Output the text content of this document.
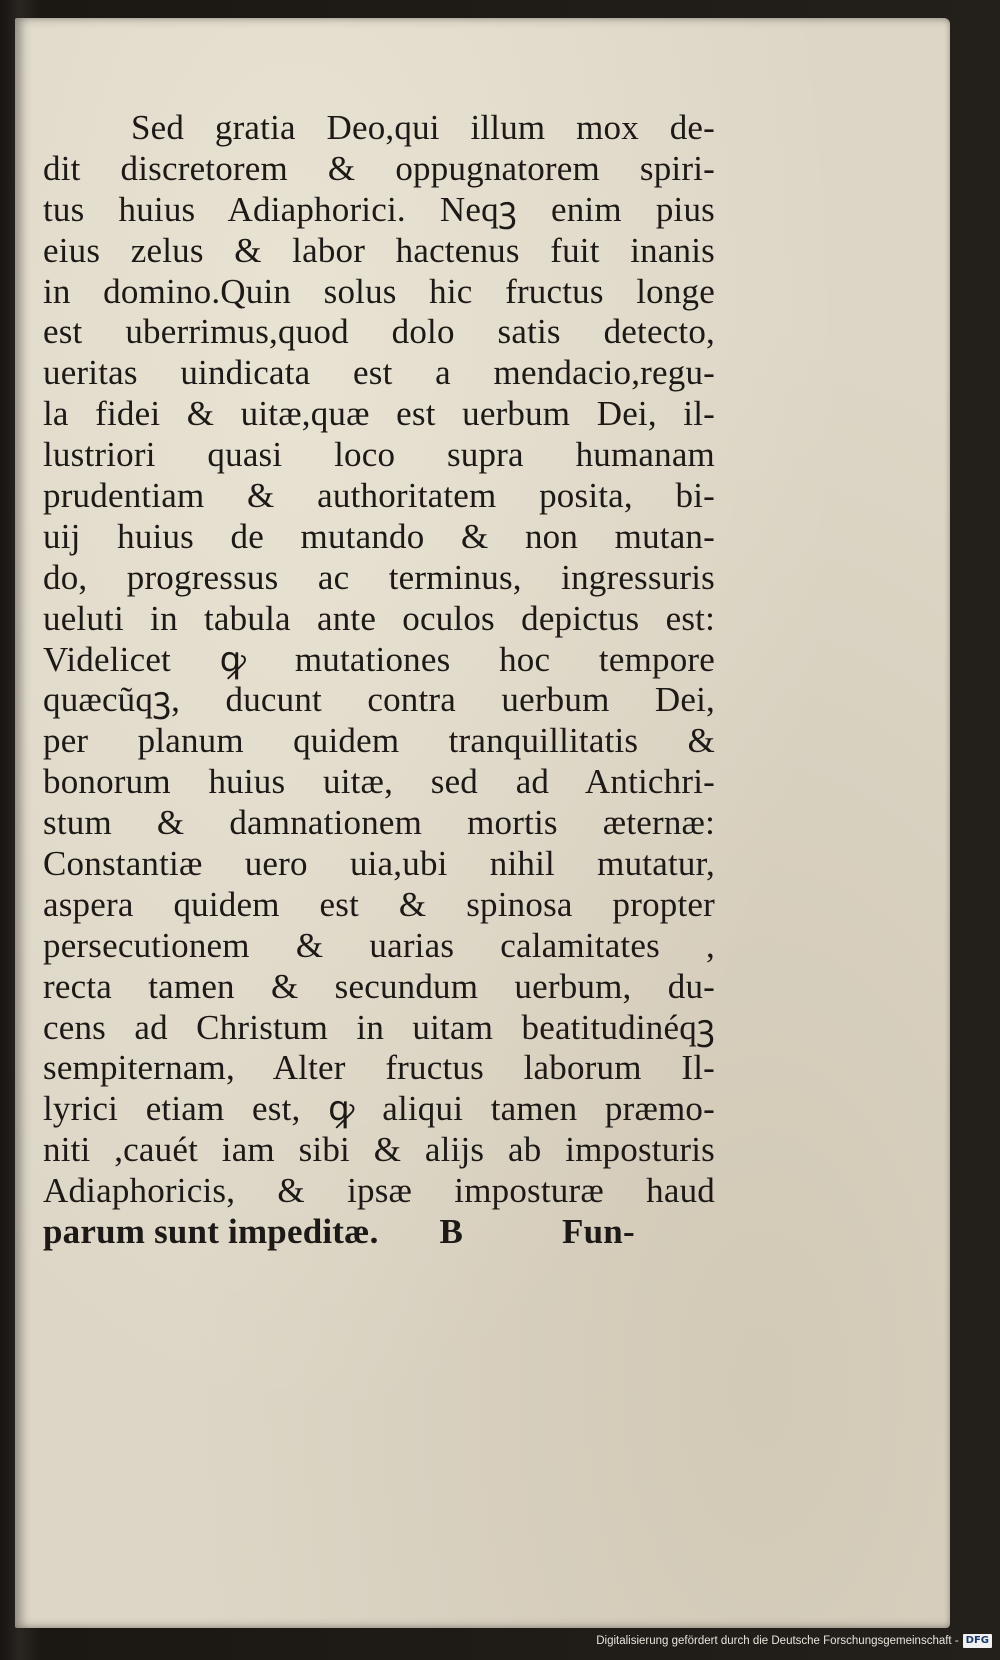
Sed gratia Deo,qui illum mox de-
dit discretorem & oppugnatorem spiri-
tus huius Adiaphorici. Neqꝫ enim pius
eius zelus & labor hactenus fuit inanis
in domino.Quin solus hic fructus longe
est uberrimus,quod dolo satis detecto,
ueritas uindicata est a mendacio,regu-
la fidei & uitæ,quæ est uerbum Dei, il-
lustriori quasi loco supra humanam
prudentiam & authoritatem posita, bi-
uij huius de mutando & non mutan-
do, progressus ac terminus, ingressuris
ueluti in tabula ante oculos depictus est:
Videlicet ꝙ mutationes hoc tempore
quæcũqꝫ, ducunt contra uerbum Dei,
per planum quidem tranquillitatis &
bonorum huius uitæ, sed ad Antichri-
stum & damnationem mortis æternæ:
Constantiæ uero uia,ubi nihil mutatur,
aspera quidem est & spinosa propter
persecutionem & uarias calamitates ,
recta tamen & secundum uerbum, du-
cens ad Christum in uitam beatitudinéqꝫ
sempiternam, Alter fructus laborum Il-
lyrici etiam est, ꝙ aliqui tamen præmo-
niti ,cauét iam sibi & alijs ab imposturis
Adiaphoricis, & ipsæ imposturæ haud
parum sunt impeditæ. B	Fun-
Digitalisierung gefördert durch die Deutsche Forschungsgemeinschaft - DFG
